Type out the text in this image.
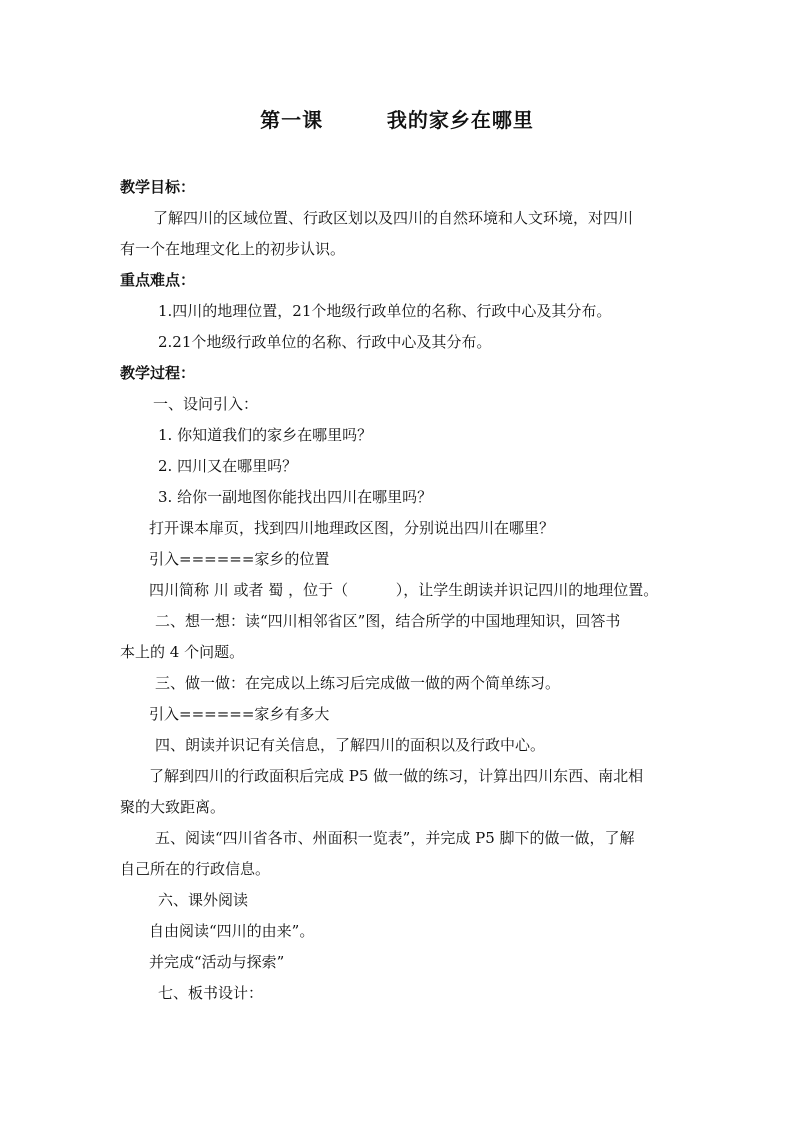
第一课        我的家乡在哪里
教学目标：
了解四川的区域位置、行政区划以及四川的自然环境和人文环境，对四川
有一个在地理文化上的初步认识。
重点难点：
1.四川的地理位置，21个地级行政单位的名称、行政中心及其分布。
2.21个地级行政单位的名称、行政中心及其分布。
教学过程：
一、设问引入：
1. 你知道我们的家乡在哪里吗？
2. 四川又在哪里吗？
3. 给你一副地图你能找出四川在哪里吗？
打开课本扉页，找到四川地理政区图，分别说出四川在哪里？
引入======家乡的位置
四川简称 川 或者 蜀 ，位于（          ），让学生朗读并识记四川的地理位置。
二、想一想：读“四川相邻省区”图，结合所学的中国地理知识，回答书
本上的 4 个问题。
三、做一做：在完成以上练习后完成做一做的两个简单练习。
引入======家乡有多大
四、朗读并识记有关信息，了解四川的面积以及行政中心。
了解到四川的行政面积后完成 P5 做一做的练习，计算出四川东西、南北相
聚的大致距离。
五、阅读“四川省各市、州面积一览表”，并完成 P5 脚下的做一做，了解
自己所在的行政信息。
六、课外阅读
自由阅读“四川的由来”。
并完成“活动与探索”
七、板书设计：
